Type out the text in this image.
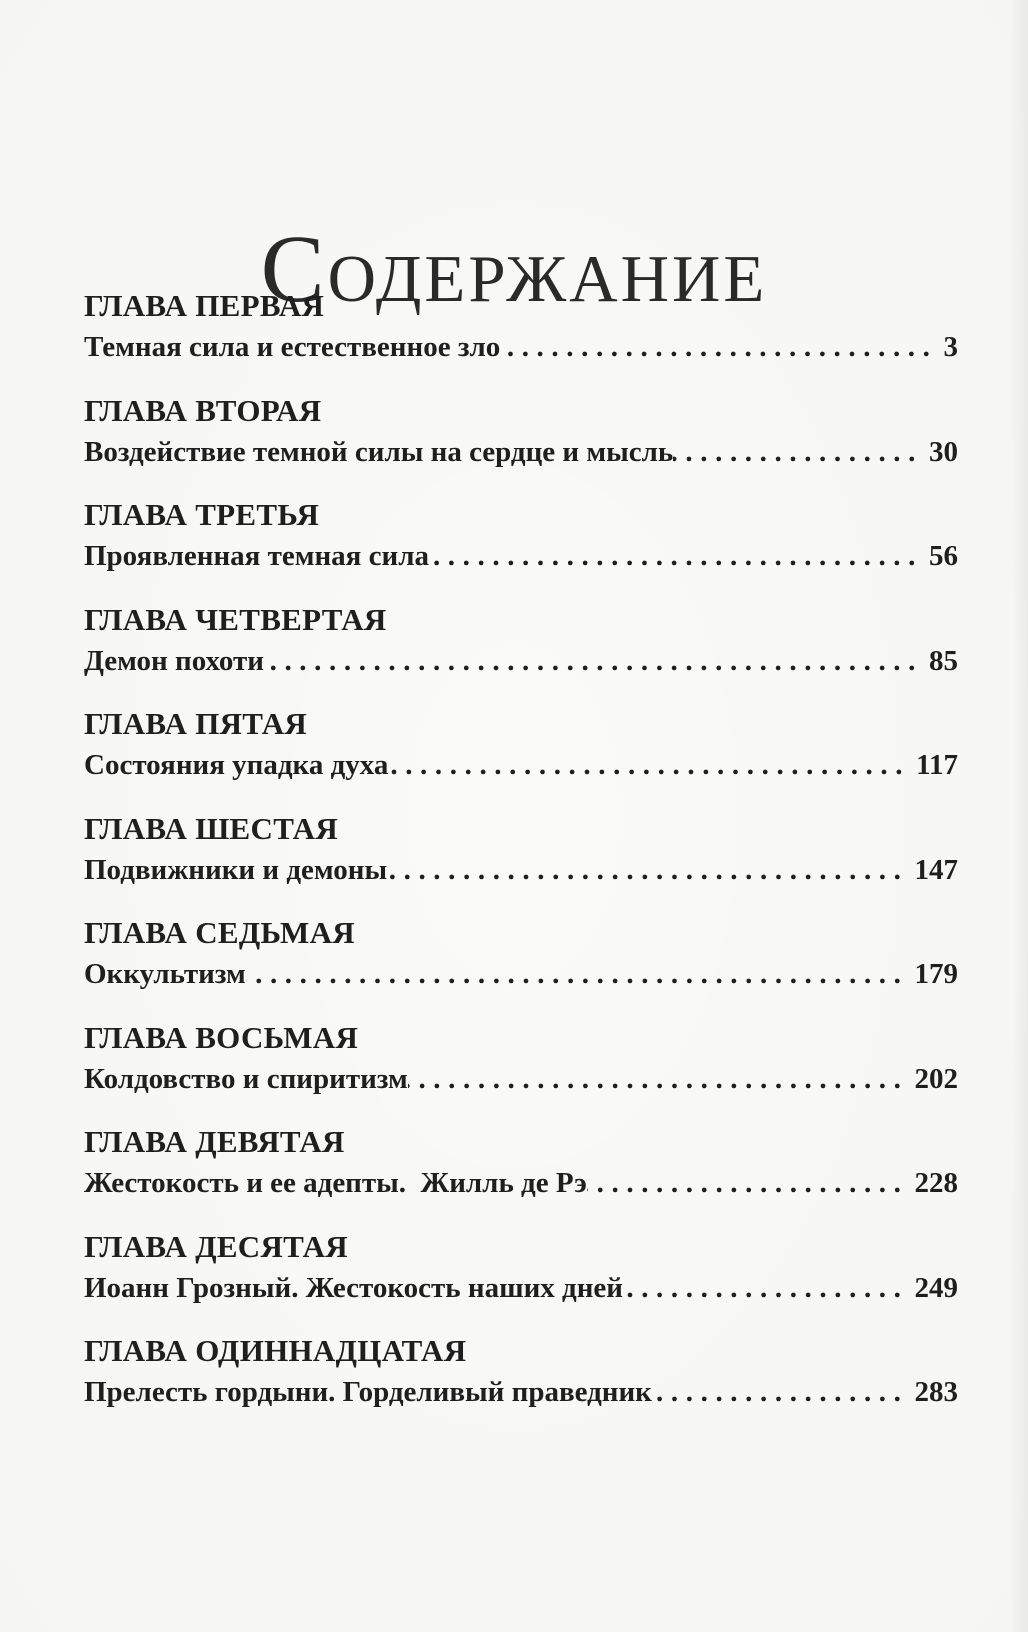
Содержание
ГЛАВА ПЕРВАЯ
Темная сила и естественное зло .....	3
ГЛАВА ВТОРАЯ
Воздействие темной силы на сердце и мысль .....	30
ГЛАВА ТРЕТЬЯ
Проявленная темная сила .....	56
ГЛАВА ЧЕТВЕРТАЯ
Демон похоти .....	85
ГЛАВА ПЯТАЯ
Состояния упадка духа .....	117
ГЛАВА ШЕСТАЯ
Подвижники и демоны .....	147
ГЛАВА СЕДЬМАЯ
Оккультизм .....	179
ГЛАВА ВОСЬМАЯ
Колдовство и спиритизм .....	202
ГЛАВА ДЕВЯТАЯ
Жестокость и ее адепты.  Жилль де Рэ .....	228
ГЛАВА ДЕСЯТАЯ
Иоанн Грозный. Жестокость наших дней .....	249
ГЛАВА ОДИННАДЦАТАЯ
Прелесть гордыни. Горделивый праведник .....	283
